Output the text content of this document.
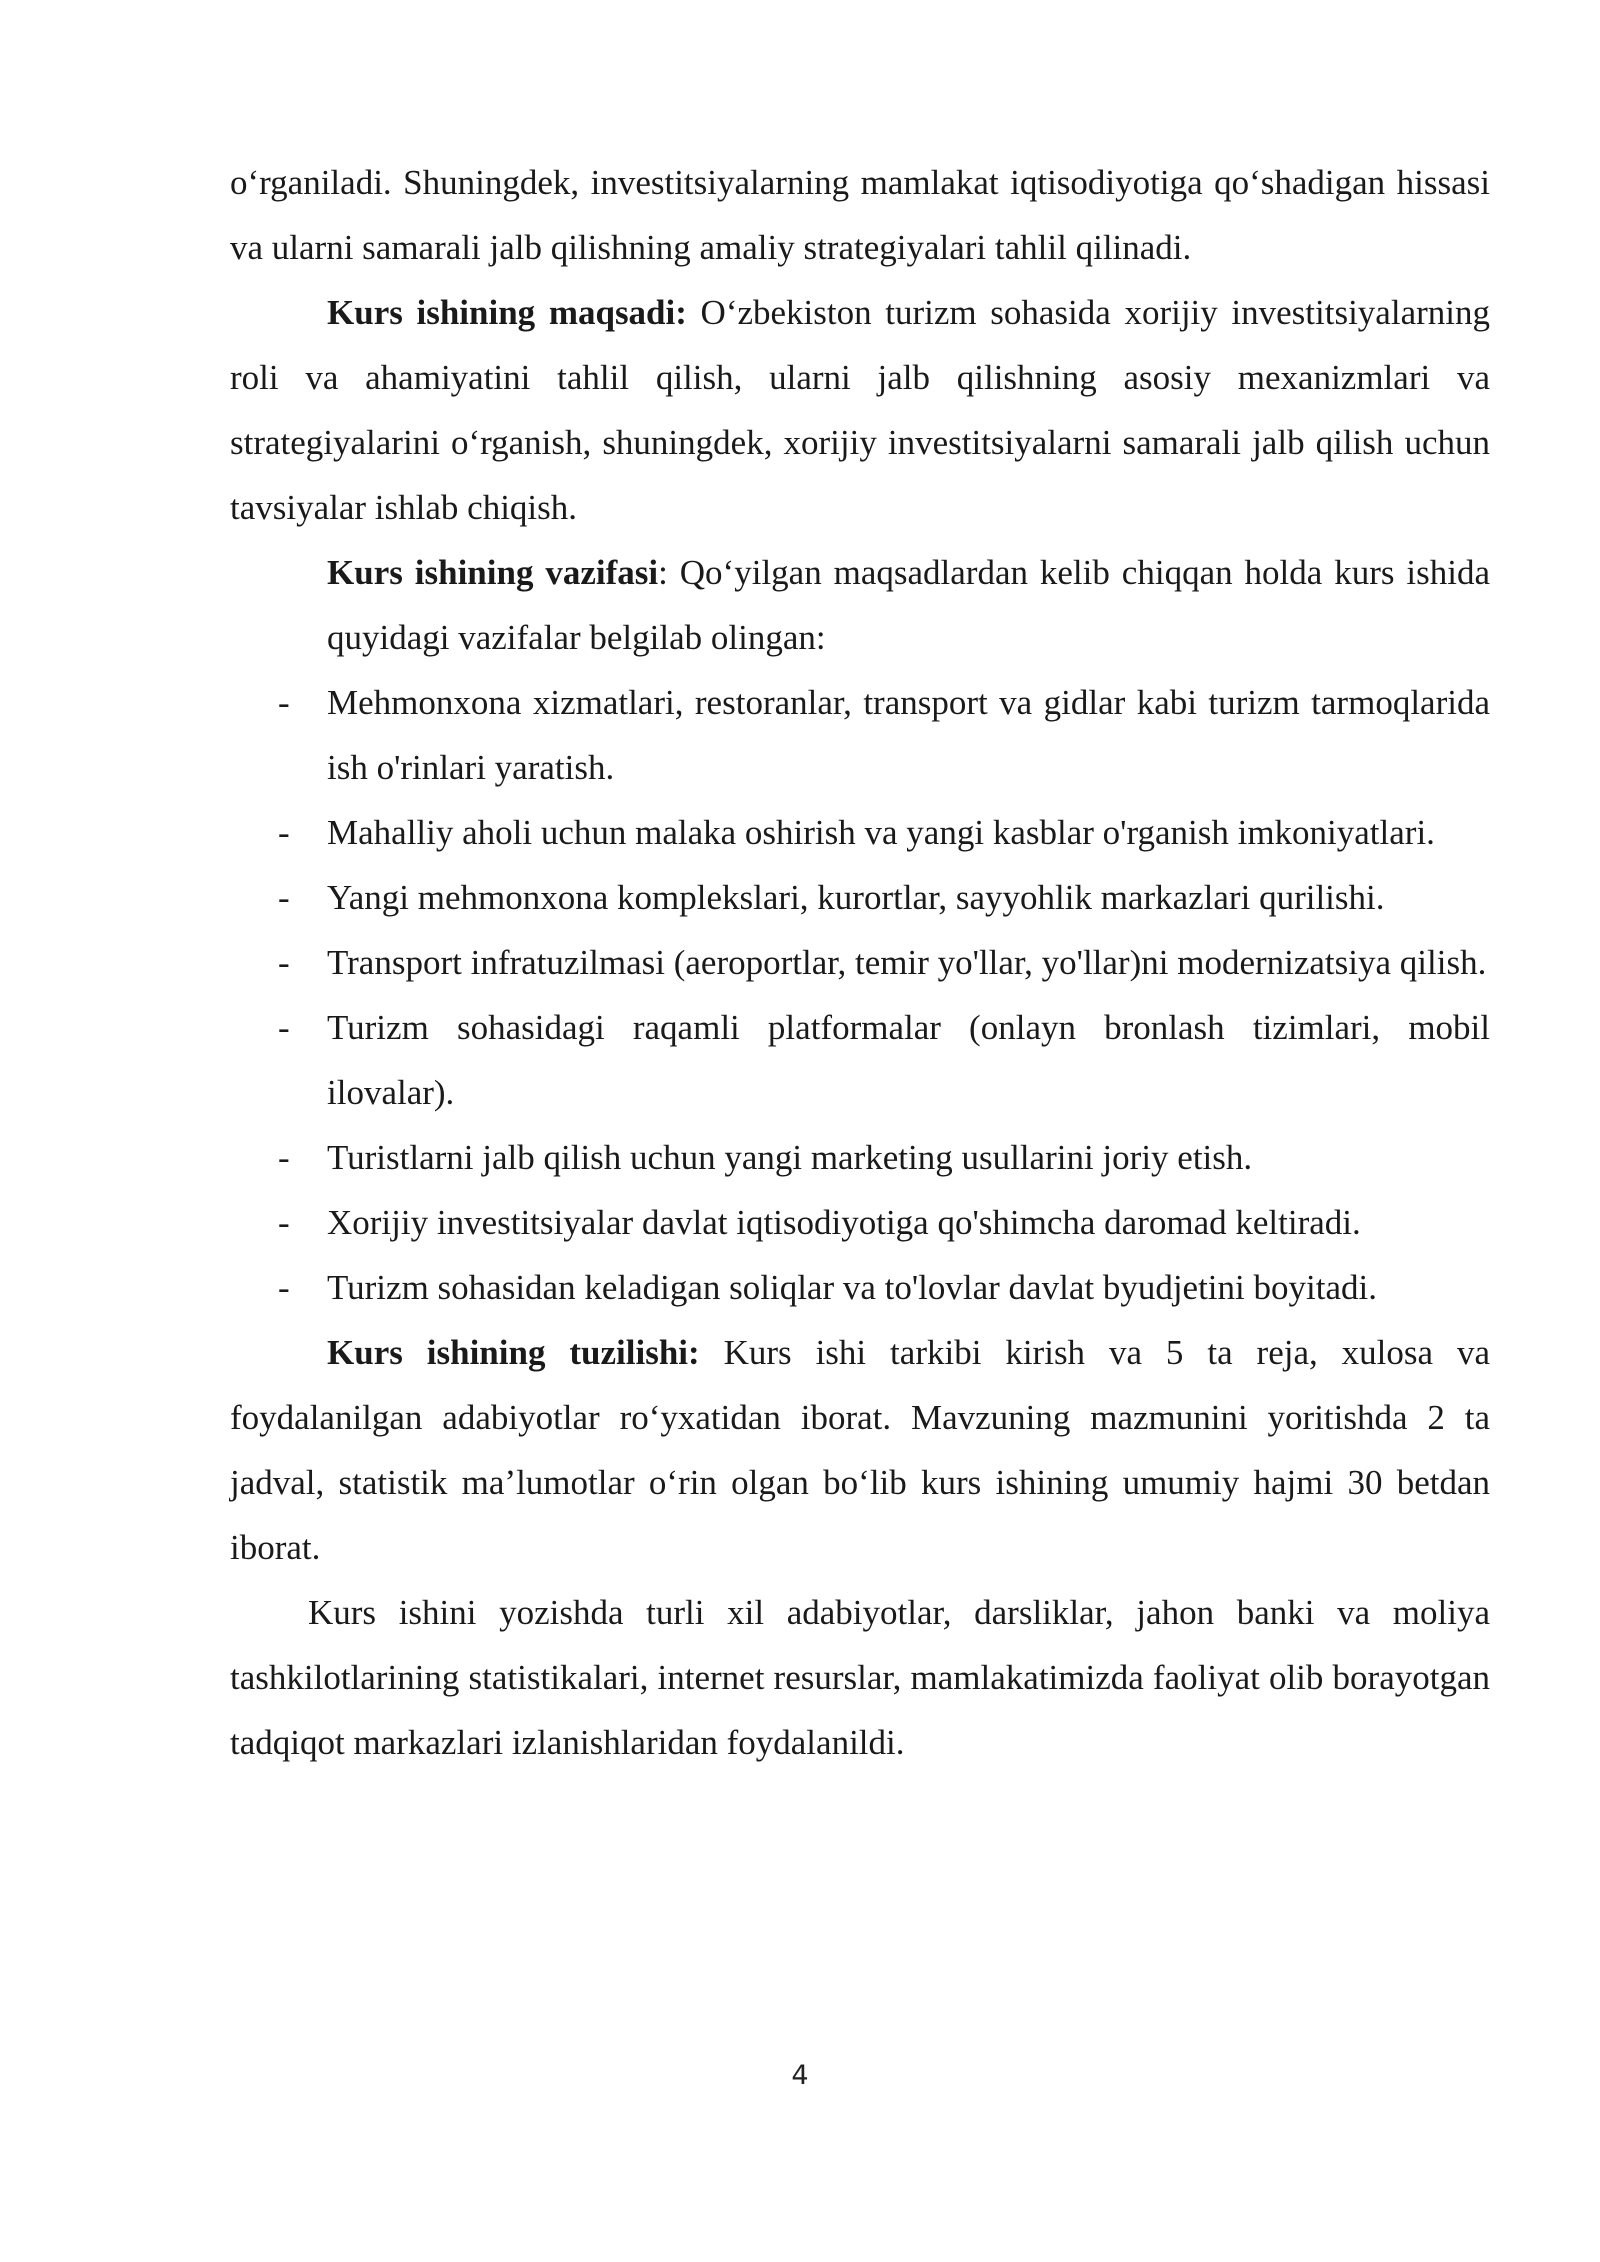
oʻrganiladi. Shuningdek, investitsiyalarning mamlakat iqtisodiyotiga qoʻshadigan hissasi va ularni samarali jalb qilishning amaliy strategiyalari tahlil qilinadi.

Kurs ishining maqsadi: Oʻzbekiston turizm sohasida xorijiy investitsiyalarning roli va ahamiyatini tahlil qilish, ularni jalb qilishning asosiy mexanizmlari va strategiyalarini oʻrganish, shuningdek, xorijiy investitsiyalarni samarali jalb qilish uchun tavsiyalar ishlab chiqish.

Kurs ishining vazifasi: Qoʻyilgan maqsadlardan kelib chiqqan holda kurs ishida quyidagi vazifalar belgilab olingan:

- Mehmonxona xizmatlari, restoranlar, transport va gidlar kabi turizm tarmoqlarida ish o'rinlari yaratish.
- Mahalliy aholi uchun malaka oshirish va yangi kasblar o'rganish imkoniyatlari.
- Yangi mehmonxona komplekslari, kurortlar, sayyohlik markazlari qurilishi.
- Transport infratuzilmasi (aeroportlar, temir yo'llar, yo'llar)ni modernizatsiya qilish.
- Turizm sohasidagi raqamli platformalar (onlayn bronlash tizimlari, mobil ilovalar).
- Turistlarni jalb qilish uchun yangi marketing usullarini joriy etish.
- Xorijiy investitsiyalar davlat iqtisodiyotiga qo'shimcha daromad keltiradi.
- Turizm sohasidan keladigan soliqlar va to'lovlar davlat byudjetini boyitadi.

Kurs ishining tuzilishi: Kurs ishi tarkibi kirish va 5 ta reja, xulosa va foydalanilgan adabiyotlar roʻyxatidan iborat. Mavzuning mazmunini yoritishda 2 ta jadval, statistik maʼlumotlar oʻrin olgan boʻlib kurs ishining umumiy hajmi 30 betdan iborat.

Kurs ishini yozishda turli xil adabiyotlar, darsliklar, jahon banki va moliya tashkilotlarining statistikalari, internet resurslar, mamlakatimizda faoliyat olib borayotgan tadqiqot markazlari izlanishlaridan foydalanildi.

4
